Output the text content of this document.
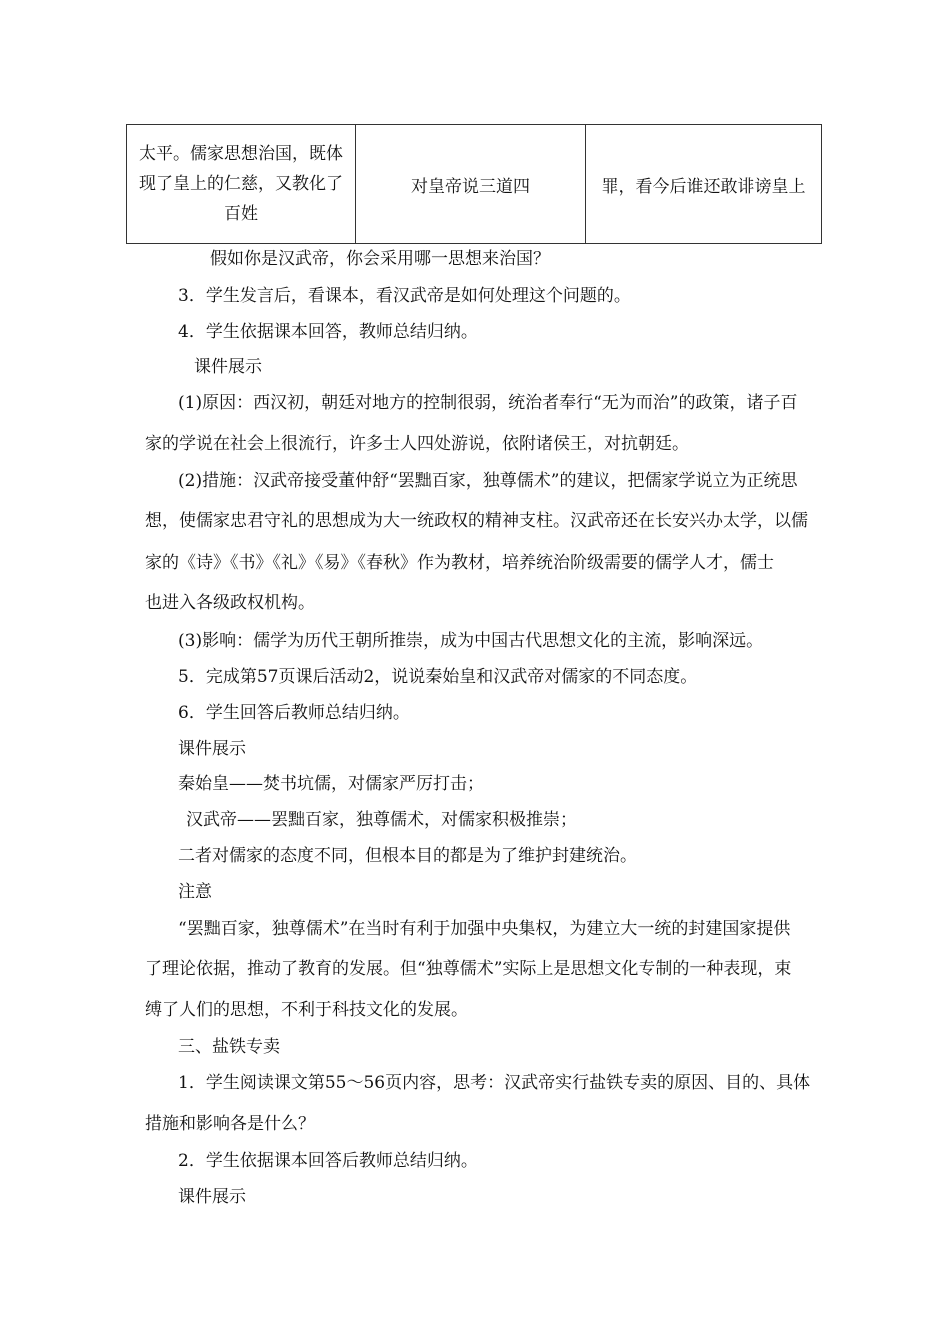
太平。儒家思想治国，既体
现了皇上的仁慈，又教化了
百姓
对皇帝说三道四	罪，看今后谁还敢诽谤皇上
假如你是汉武帝，你会采用哪一思想来治国？
3．学生发言后，看课本，看汉武帝是如何处理这个问题的。
4．学生依据课本回答，教师总结归纳。
课件展示
(1)原因：西汉初，朝廷对地方的控制很弱，统治者奉行“无为而治”的政策，诸子百
家的学说在社会上很流行，许多士人四处游说，依附诸侯王，对抗朝廷。
(2)措施：汉武帝接受董仲舒“罢黜百家，独尊儒术”的建议，把儒家学说立为正统思
想，使儒家忠君守礼的思想成为大一统政权的精神支柱。汉武帝还在长安兴办太学，以儒
家的《诗》《书》《礼》《易》《春秋》作为教材，培养统治阶级需要的儒学人才，儒士
也进入各级政权机构。
(3)影响：儒学为历代王朝所推崇，成为中国古代思想文化的主流，影响深远。
5．完成第57页课后活动2，说说秦始皇和汉武帝对儒家的不同态度。
6．学生回答后教师总结归纳。
课件展示
秦始皇——焚书坑儒，对儒家严厉打击；
汉武帝——罢黜百家，独尊儒术，对儒家积极推崇；
二者对儒家的态度不同，但根本目的都是为了维护封建统治。
注意
“罢黜百家，独尊儒术”在当时有利于加强中央集权，为建立大一统的封建国家提供
了理论依据，推动了教育的发展。但“独尊儒术”实际上是思想文化专制的一种表现，束
缚了人们的思想，不利于科技文化的发展。
三、盐铁专卖
1．学生阅读课文第55～56页内容，思考：汉武帝实行盐铁专卖的原因、目的、具体
措施和影响各是什么？
2．学生依据课本回答后教师总结归纳。
课件展示
